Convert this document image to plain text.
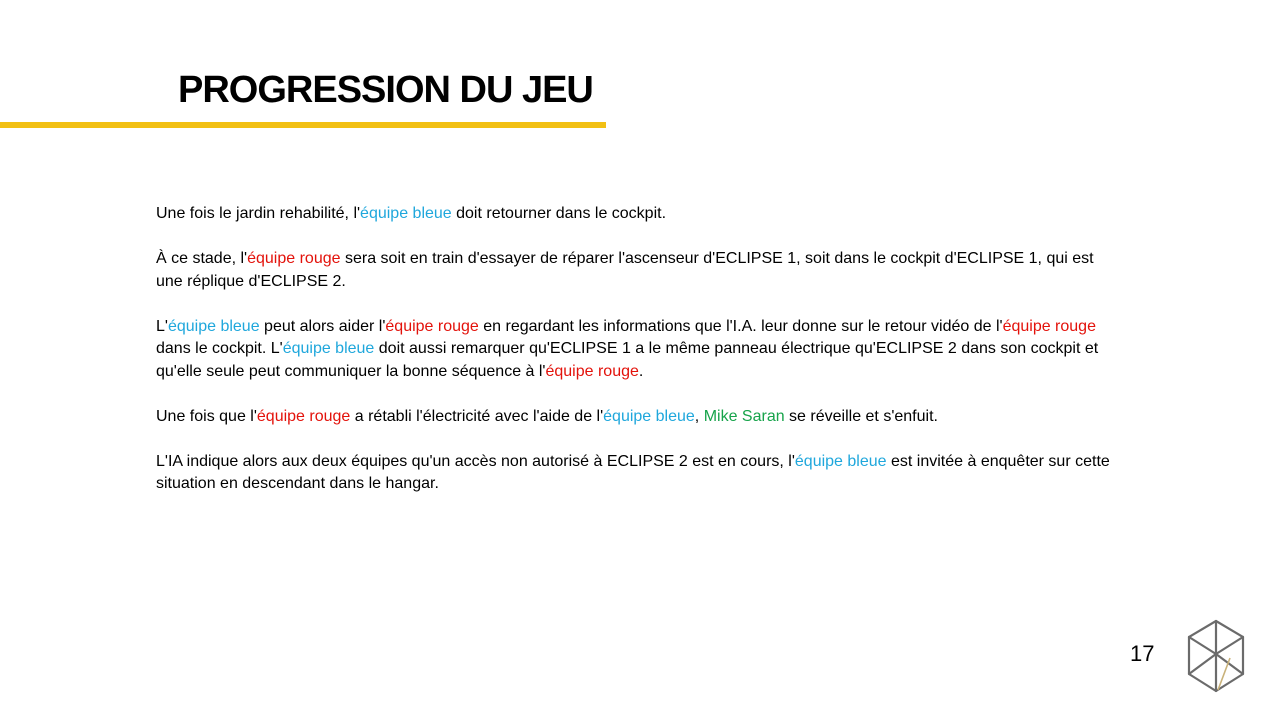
PROGRESSION DU JEU

Une fois le jardin rehabilité, l'équipe bleue doit retourner dans le cockpit.

À ce stade, l'équipe rouge sera soit en train d'essayer de réparer l'ascenseur d'ECLIPSE 1, soit dans le cockpit d'ECLIPSE 1, qui est une réplique d'ECLIPSE 2.

L'équipe bleue peut alors aider l'équipe rouge en regardant les informations que l'I.A. leur donne sur le retour vidéo de l'équipe rouge dans le cockpit. L'équipe bleue doit aussi remarquer qu'ECLIPSE 1 a le même panneau électrique qu'ECLIPSE 2 dans son cockpit et qu'elle seule peut communiquer la bonne séquence à l'équipe rouge.

Une fois que l'équipe rouge a rétabli l'électricité avec l'aide de l'équipe bleue, Mike Saran se réveille et s'enfuit.

L'IA indique alors aux deux équipes qu'un accès non autorisé à ECLIPSE 2 est en cours, l'équipe bleue est invitée à enquêter sur cette situation en descendant dans le hangar.

17
